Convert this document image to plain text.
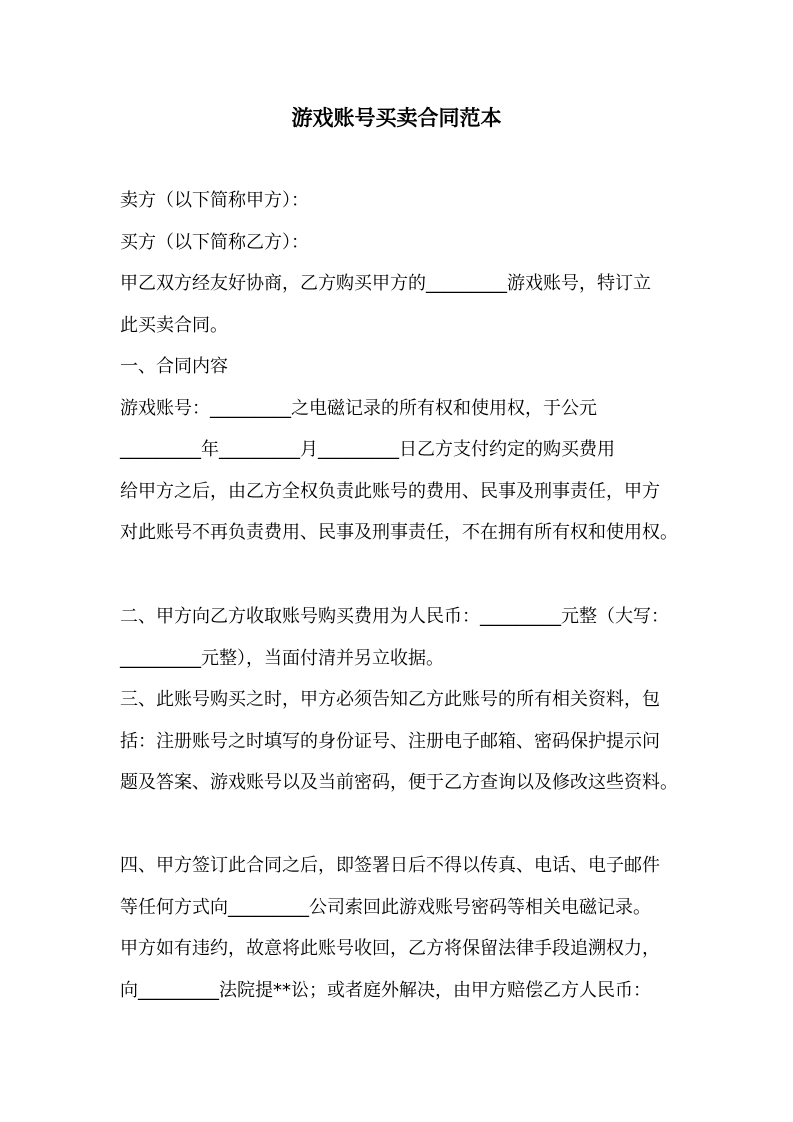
游戏账号买卖合同范本
卖方（以下简称甲方）：
买方（以下简称乙方）：
甲乙双方经友好协商，乙方购买甲方的_________游戏账号，特订立
此买卖合同。
一、合同内容
游戏账号：_________之电磁记录的所有权和使用权，于公元
_________年_________月_________日乙方支付约定的购买费用
给甲方之后，由乙方全权负责此账号的费用、民事及刑事责任，甲方
对此账号不再负责费用、民事及刑事责任，不在拥有所有权和使用权。
二、甲方向乙方收取账号购买费用为人民币：_________元整（大写：
_________元整），当面付清并另立收据。
三、此账号购买之时，甲方必须告知乙方此账号的所有相关资料，包
括：注册账号之时填写的身份证号、注册电子邮箱、密码保护提示问
题及答案、游戏账号以及当前密码，便于乙方查询以及修改这些资料。
四、甲方签订此合同之后，即签署日后不得以传真、电话、电子邮件
等任何方式向_________公司索回此游戏账号密码等相关电磁记录。
甲方如有违约，故意将此账号收回，乙方将保留法律手段追溯权力，
向_________法院提**讼；或者庭外解决，由甲方赔偿乙方人民币：
